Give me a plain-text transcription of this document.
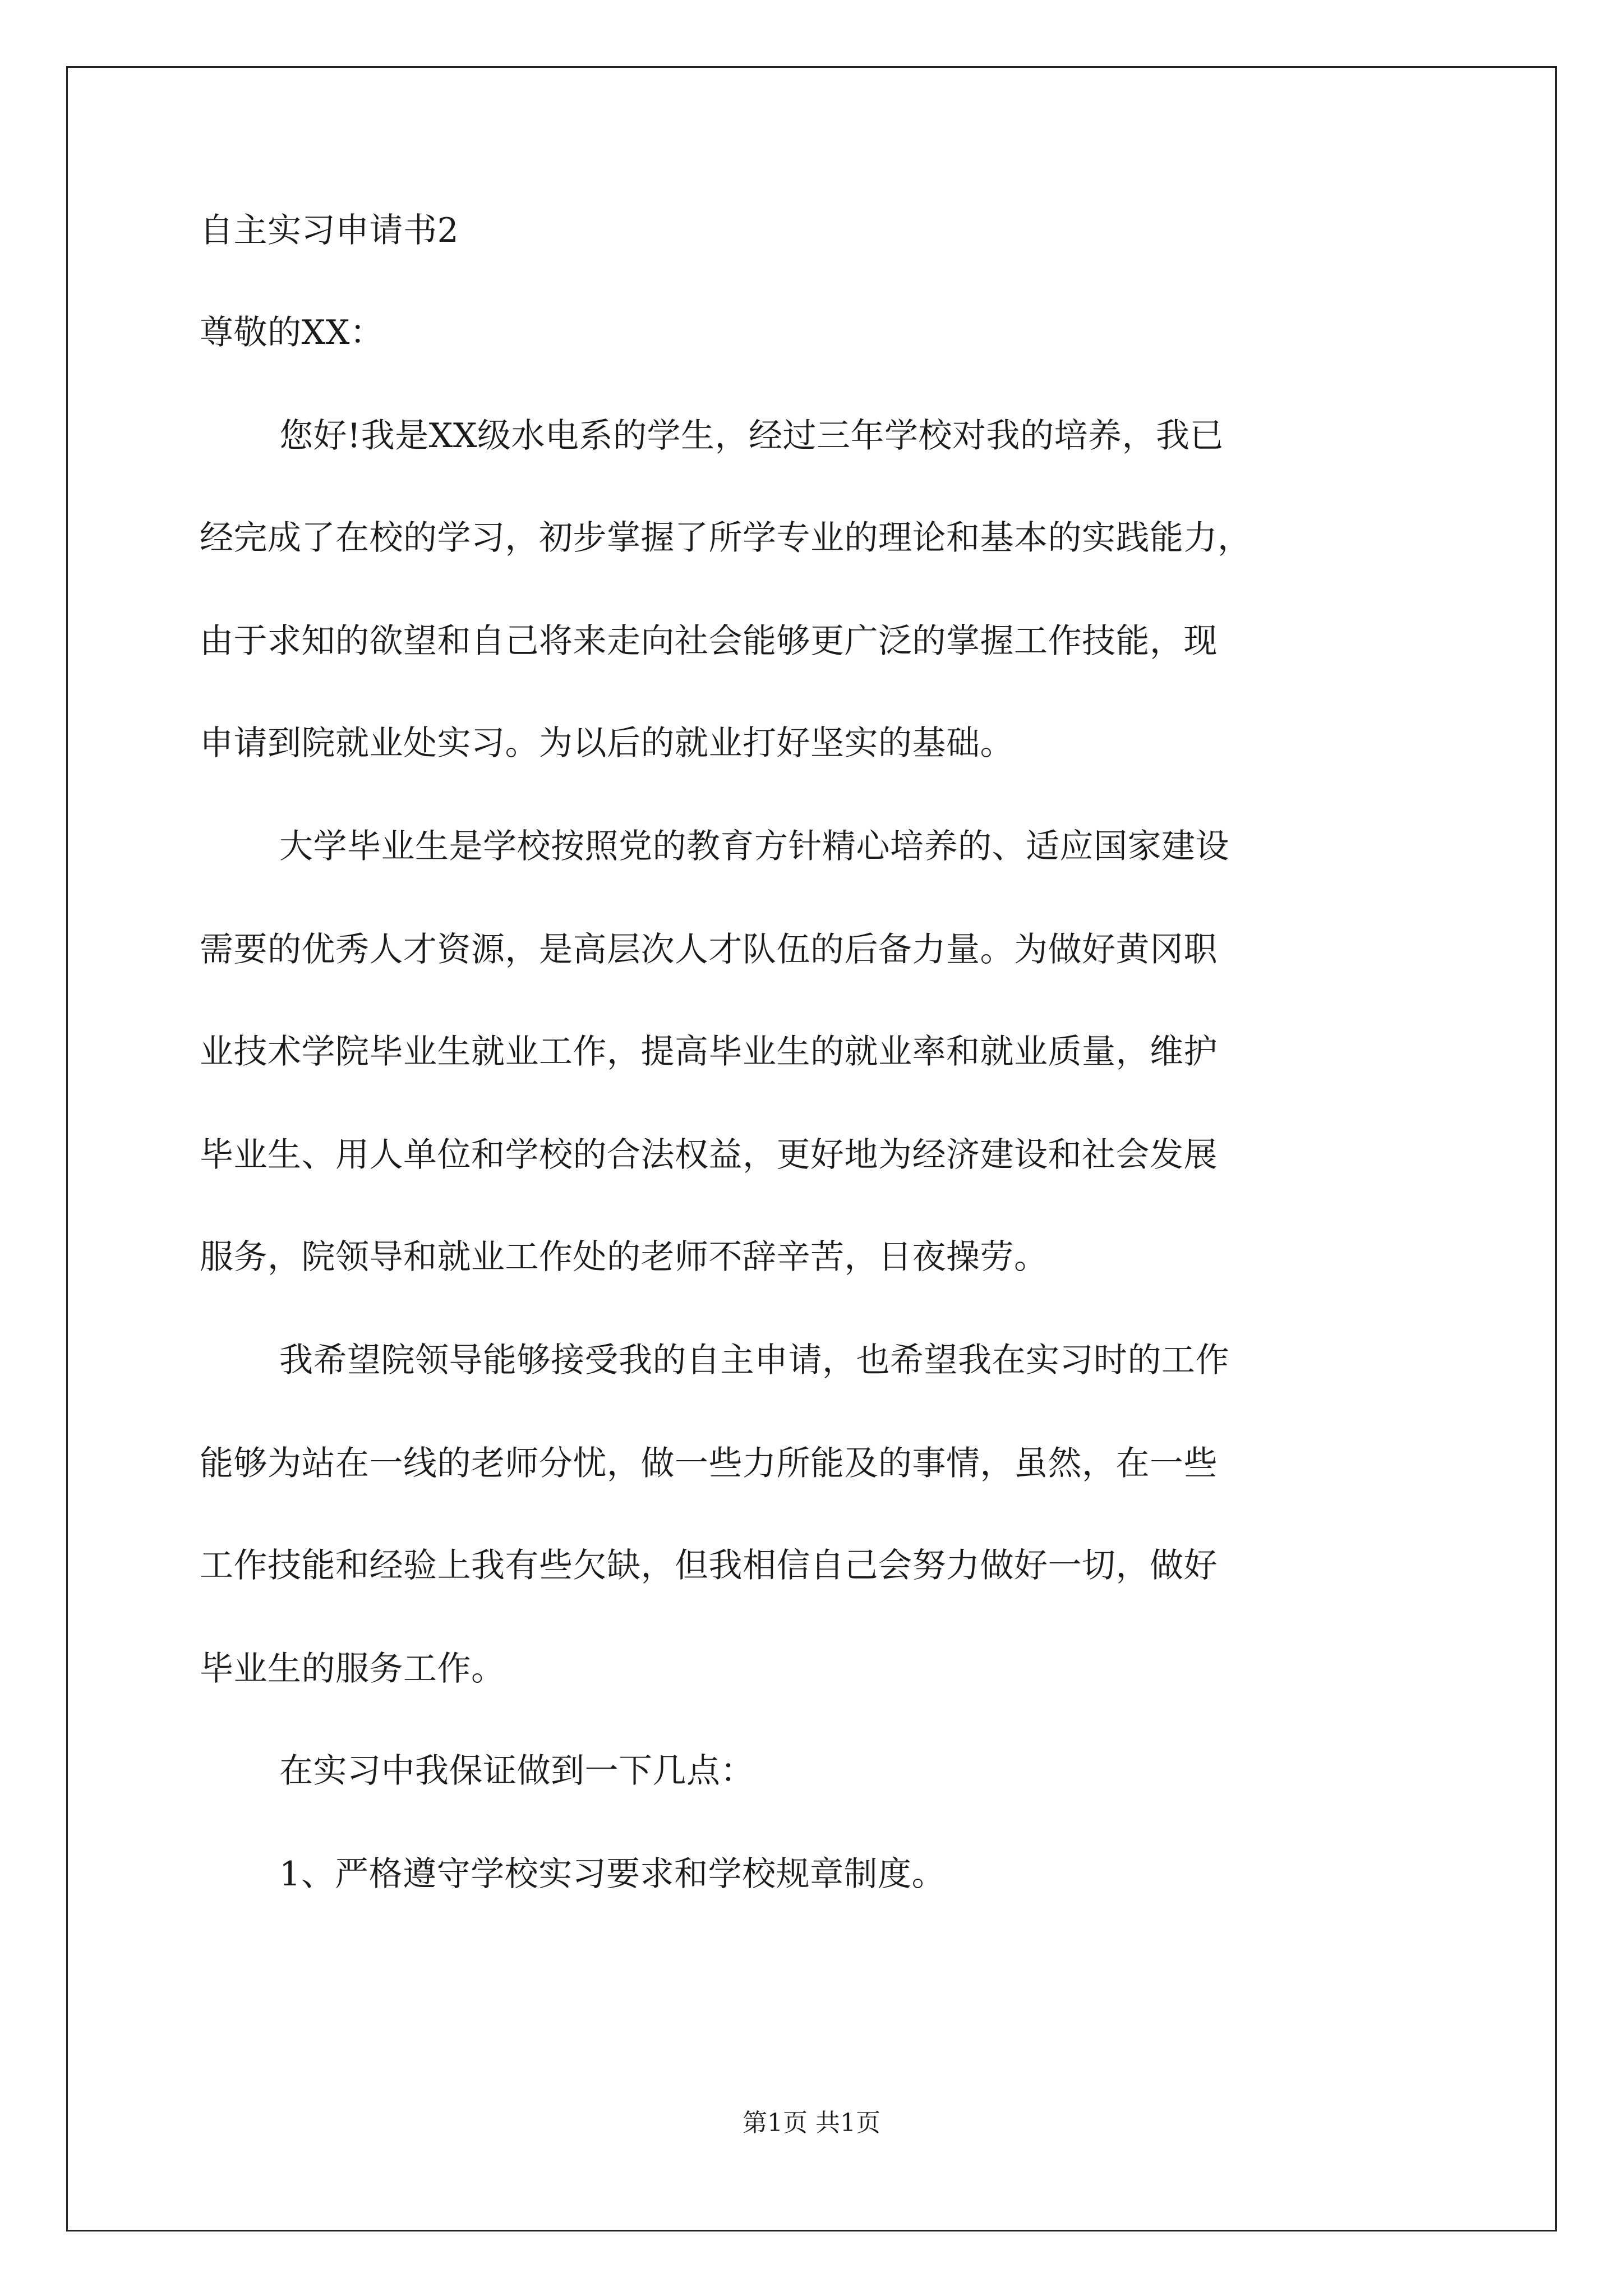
自主实习申请书2
尊敬的XX：
您好!我是XX级水电系的学生，经过三年学校对我的培养，我已
经完成了在校的学习，初步掌握了所学专业的理论和基本的实践能力，
由于求知的欲望和自己将来走向社会能够更广泛的掌握工作技能，现
申请到院就业处实习。为以后的就业打好坚实的基础。
大学毕业生是学校按照党的教育方针精心培养的、适应国家建设
需要的优秀人才资源，是高层次人才队伍的后备力量。为做好黄冈职
业技术学院毕业生就业工作，提高毕业生的就业率和就业质量，维护
毕业生、用人单位和学校的合法权益，更好地为经济建设和社会发展
服务，院领导和就业工作处的老师不辞辛苦，日夜操劳。
我希望院领导能够接受我的自主申请，也希望我在实习时的工作
能够为站在一线的老师分忧，做一些力所能及的事情，虽然，在一些
工作技能和经验上我有些欠缺，但我相信自己会努力做好一切，做好
毕业生的服务工作。
在实习中我保证做到一下几点：
1、严格遵守学校实习要求和学校规章制度。
第1页 共1页
